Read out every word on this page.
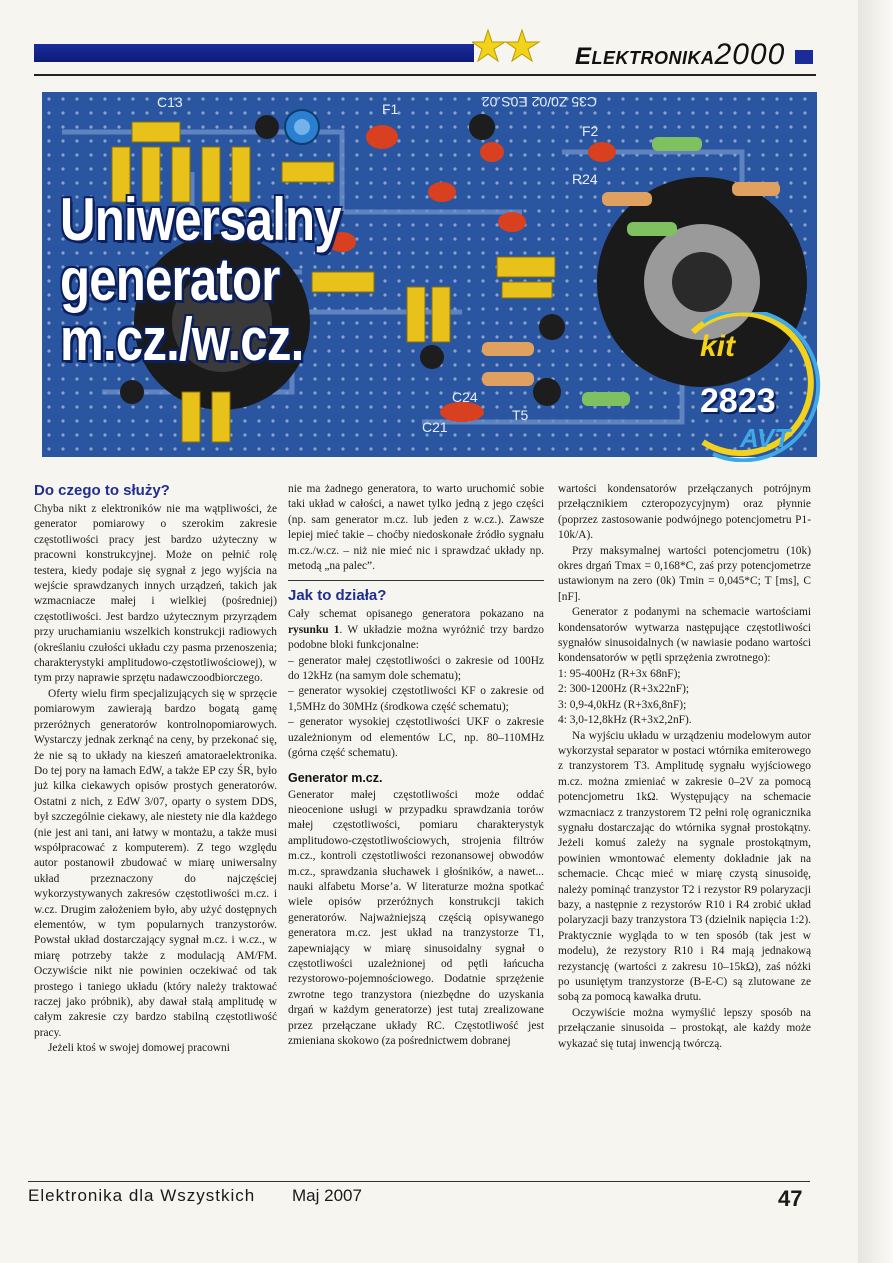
ELEKTRONIKA2000
C13	F1	C35 Z0/02 E0S.02
F2
R24
C21
C24
T5
Uniwersalny
generator
m.cz./w.cz.	kit
2823
AVT
Do czego to służy?

Chyba nikt z elektroników nie ma wątpliwości, że generator pomiarowy o szerokim zakresie częstotliwości pracy jest bardzo użyteczny w pracowni konstrukcyjnej. Może on pełnić rolę testera, kiedy podaje się sygnał z jego wyjścia na wejście sprawdzanych innych urządzeń, takich jak wzmacniacze małej i wielkiej (pośredniej) częstotliwości. Jest bardzo użytecznym przyrządem przy uruchamianiu wszelkich konstrukcji radiowych (określaniu czułości układu czy pasma przenoszenia; charakterystyki amplitudowo-częstotliwościowej), w tym przy naprawie sprzętu nadawczoodbiorczego.

Oferty wielu firm specjalizujących się w sprzęcie pomiarowym zawierają bardzo bogatą gamę przeróżnych generatorów kontrolnopomiarowych. Wystarczy jednak zerknąć na ceny, by przekonać się, że nie są to układy na kieszeń amatoraelektronika. Do tej pory na łamach EdW, a także EP czy ŚR, było już kilka ciekawych opisów prostych generatorów. Ostatni z nich, z EdW 3/07, oparty o system DDS, był szczególnie ciekawy, ale niestety nie dla każdego (nie jest ani tani, ani łatwy w montażu, a także musi współpracować z komputerem). Z tego względu autor postanowił zbudować w miarę uniwersalny układ przeznaczony do najczęściej wykorzystywanych zakresów częstotliwości m.cz. i w.cz. Drugim założeniem było, aby użyć dostępnych elementów, w tym popularnych tranzystorów. Powstał układ dostarczający sygnał m.cz. i w.cz., w miarę potrzeby także z modulacją AM/FM. Oczywiście nikt nie powinien oczekiwać od tak prostego i taniego układu (który należy traktować raczej jako próbnik), aby dawał stałą amplitudę w całym zakresie czy bardzo stabilną częstotliwość pracy.

Jeżeli ktoś w swojej domowej pracowni

nie ma żadnego generatora, to warto uruchomić sobie taki układ w całości, a nawet tylko jedną z jego części (np. sam generator m.cz. lub jeden z w.cz.). Zawsze lepiej mieć takie – choćby niedoskonałe źródło sygnału m.cz./w.cz. – niż nie mieć nic i sprawdzać układy np. metodą „na palec”.

Jak to działa?

Cały schemat opisanego generatora pokazano na rysunku 1. W układzie można wyróżnić trzy bardzo podobne bloki funkcjonalne:

– generator małej częstotliwości o zakresie od 100Hz do 12kHz (na samym dole schematu);

– generator wysokiej częstotliwości KF o zakresie od 1,5MHz do 30MHz (środkowa część schematu);

– generator wysokiej częstotliwości UKF o zakresie uzależnionym od elementów LC, np. 80–110MHz (górna część schematu).

Generator m.cz.

Generator małej częstotliwości może oddać nieocenione usługi w przypadku sprawdzania torów małej częstotliwości, pomiaru charakterystyk amplitudowo-częstotliwościowych, strojenia filtrów m.cz., kontroli częstotliwości rezonansowej obwodów m.cz., sprawdzania słuchawek i głośników, a nawet... nauki alfabetu Morse’a. W literaturze można spotkać wiele opisów przeróżnych konstrukcji takich generatorów. Najważniejszą częścią opisywanego generatora m.cz. jest układ na tranzystorze T1, zapewniający w miarę sinusoidalny sygnał o częstotliwości uzależnionej od pętli łańcucha rezystorowo-pojemnościowego. Dodatnie sprzężenie zwrotne tego tranzystora (niezbędne do uzyskania drgań w każdym generatorze) jest tutaj zrealizowane przez przełączane układy RC. Częstotliwość jest zmieniana skokowo (za pośrednictwem dobranej

wartości kondensatorów przełączanych potrójnym przełącznikiem czteropozycyjnym) oraz płynnie (poprzez zastosowanie podwójnego potencjometru P1-10k/A).

Przy maksymalnej wartości potencjometru (10k) okres drgań Tmax = 0,168*C, zaś przy potencjometrze ustawionym na zero (0k) Tmin = 0,045*C; T [ms], C [nF].

Generator z podanymi na schemacie wartościami kondensatorów wytwarza następujące częstotliwości sygnałów sinusoidalnych (w nawiasie podano wartości kondensatorów w pętli sprzężenia zwrotnego):

1: 95-400Hz (R+3x 68nF);

2: 300-1200Hz (R+3x22nF);

3: 0,9-4,0kHz (R+3x6,8nF);

4: 3,0-12,8kHz (R+3x2,2nF).

Na wyjściu układu w urządzeniu modelowym autor wykorzystał separator w postaci wtórnika emiterowego z tranzystorem T3. Amplitudę sygnału wyjściowego m.cz. można zmieniać w zakresie 0–2V za pomocą potencjometru 1kΩ. Występujący na schemacie wzmacniacz z tranzystorem T2 pełni rolę ogranicznika sygnału dostarczając do wtórnika sygnał prostokątny. Jeżeli komuś zależy na sygnale prostokątnym, powinien wmontować elementy dokładnie jak na schemacie. Chcąc mieć w miarę czystą sinusoidę, należy pominąć tranzystor T2 i rezystor R9 polaryzacji bazy, a następnie z rezystorów R10 i R4 zrobić układ polaryzacji bazy tranzystora T3 (dzielnik napięcia 1:2). Praktycznie wygląda to w ten sposób (tak jest w modelu), że rezystory R10 i R4 mają jednakową rezystancję (wartości z zakresu 10–15kΩ), zaś nóżki po usuniętym tranzystorze (B-E-C) są zlutowane ze sobą za pomocą kawałka drutu.

Oczywiście można wymyślić lepszy sposób na przełączanie sinusoida – prostokąt, ale każdy może wykazać się tutaj inwencją twórczą.

Elektronika dla Wszystkich Maj 2007	47
